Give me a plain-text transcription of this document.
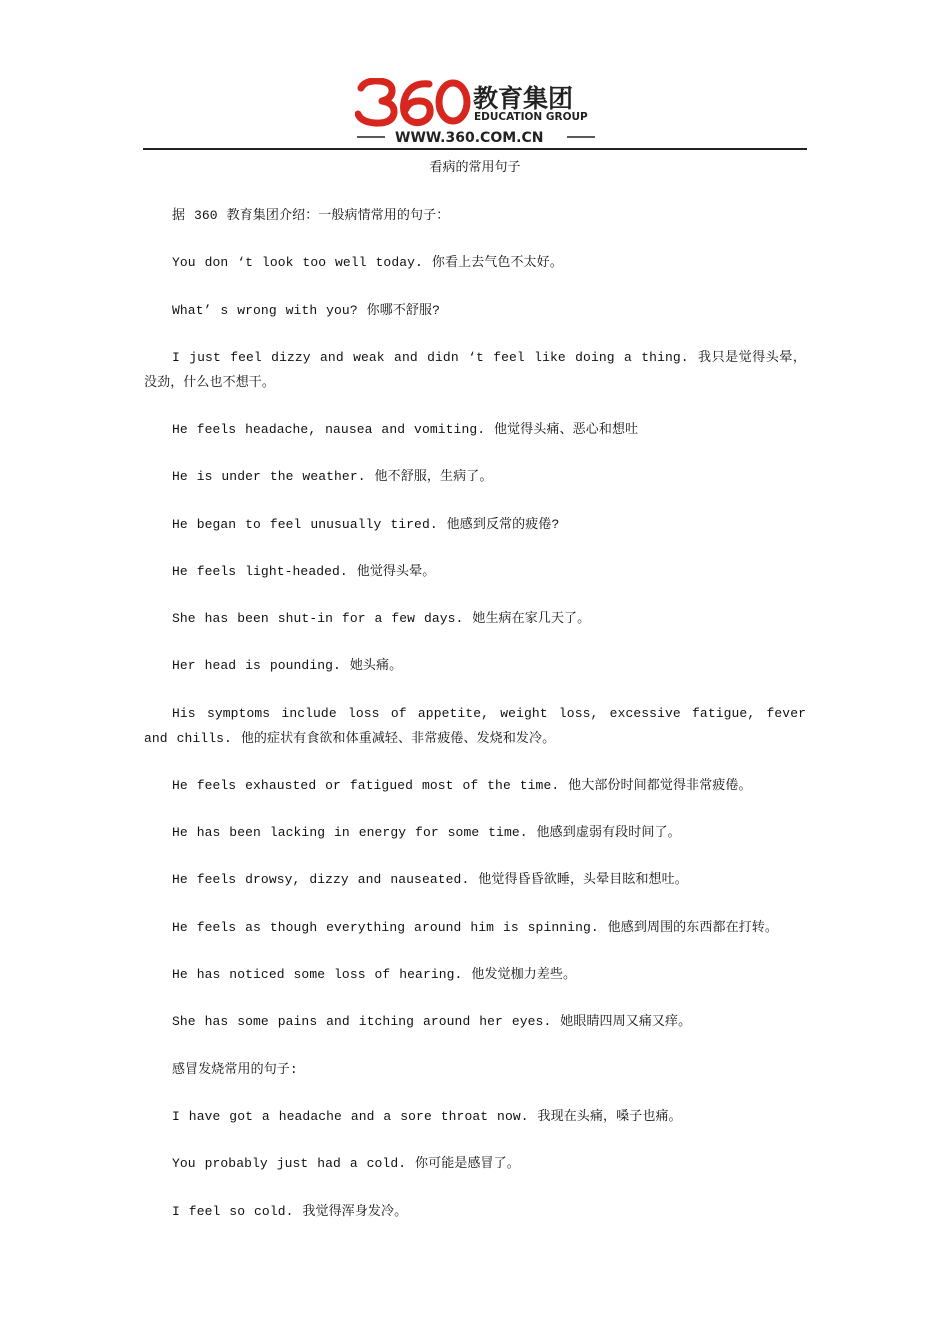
教育集团
EDUCATION GROUP
WWW.360.COM.CN
看病的常用句子

据 360 教育集团介绍：一般病情常用的句子：

You don ‘t look too well today. 你看上去气色不太好。

What’ s wrong with you? 你哪不舒服?

I just feel dizzy and weak and didn ‘t feel like doing a thing. 我只是觉得头晕，没劲，什么也不想干。

He feels headache, nausea and vomiting. 他觉得头痛、恶心和想吐

He is under the weather. 他不舒服，生病了。

He began to feel unusually tired. 他感到反常的疲倦?

He feels light-headed. 他觉得头晕。

She has been shut-in for a few days. 她生病在家几天了。

Her head is pounding. 她头痛。

His symptoms include loss of appetite, weight loss, excessive fatigue, fever and chills. 他的症状有食欲和体重减轻、非常疲倦、发烧和发冷。

He feels exhausted or fatigued most of the time. 他大部份时间都觉得非常疲倦。

He has been lacking in energy for some time. 他感到虚弱有段时间了。

He feels drowsy, dizzy and nauseated. 他觉得昏昏欲睡，头晕目眩和想吐。

He feels as though everything around him is spinning. 他感到周围的东西都在打转。

He has noticed some loss of hearing. 他发觉枷力差些。

She has some pains and itching around her eyes. 她眼睛四周又痛又痒。

感冒发烧常用的句子:

I have got a headache and a sore throat now. 我现在头痛，嗓子也痛。

You probably just had a cold. 你可能是感冒了。

I feel so cold. 我觉得浑身发冷。
